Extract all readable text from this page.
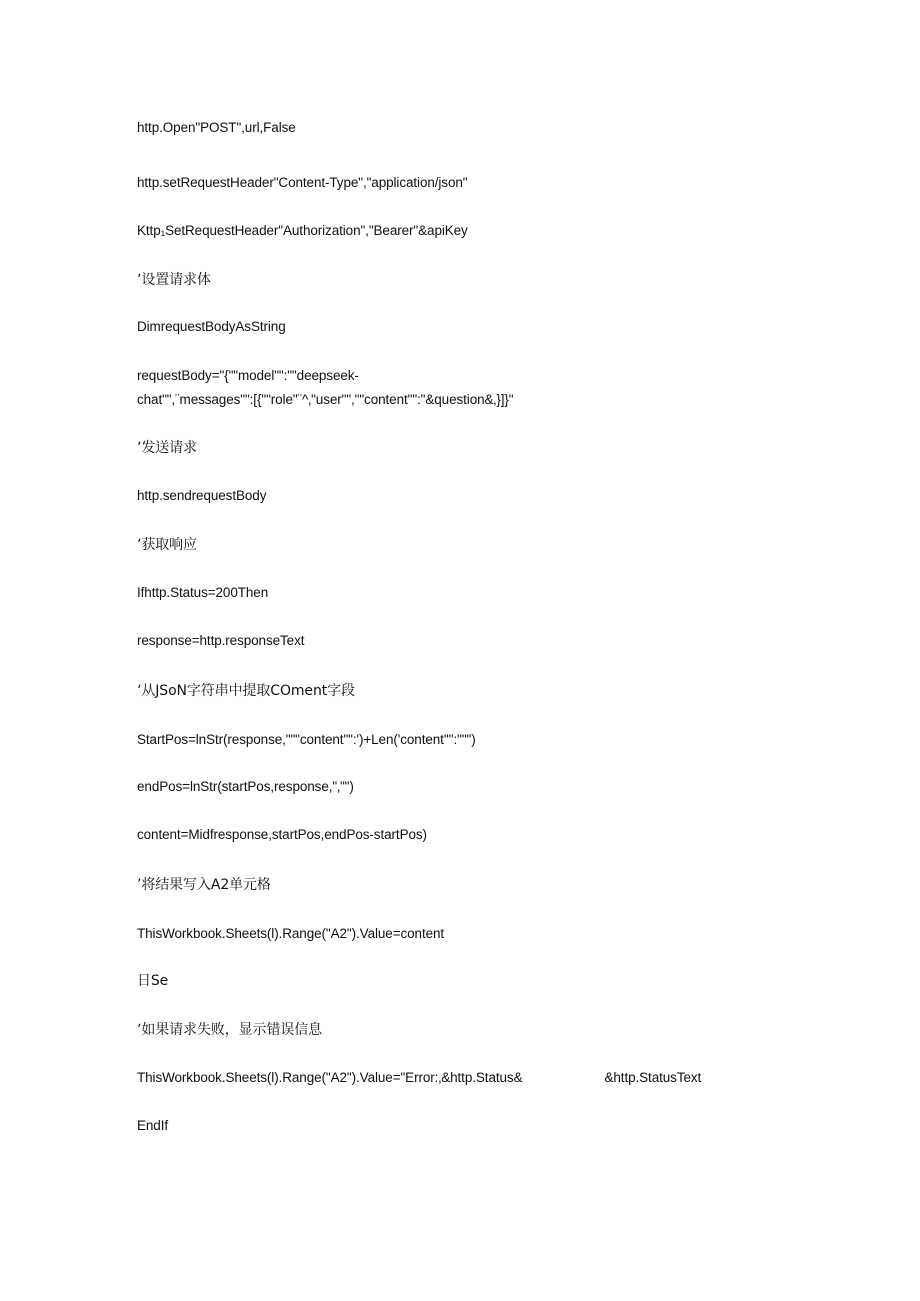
http.Open"POST",url,False
http.setRequestHeader"Content-Type","application/json"
Kttp₁SetRequestHeader"Authorization","Bearer"&apiKey
ʼ设置请求体
DimrequestBodyAsString
requestBody="{""model"":""deepseek-
chat"",¨messages"":[{""role"¨^‚"user"",""content"":"&question&‚}]}"
ʼ发送请求
http.sendrequestBody
ʼ获取响应
Ifhttp.Status=200Then
response=http.responseText
ʼ从JSoN字符串中提取COment字段
StartPos=lnStr(response,"""content"":')+Len('content'"':""")
endPos=lnStr(startPos,response,"‚"")
content=Midfresponse,startPos,endPos-startPos)
’将结果写入A2单元格
ThisWorkbook.Sheets(l).Range("A2").Value=content
日Se
ʼ如果请求失败，显示错误信息
ThisWorkbook.Sheets(l).Range("A2").Value="Error:‚&http.Status&	&http.StatusText
EndIf
